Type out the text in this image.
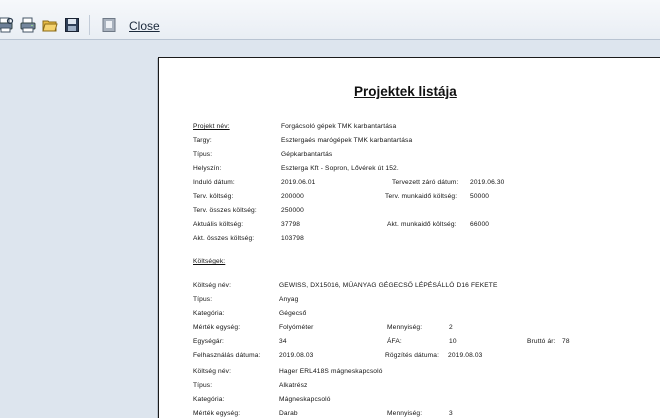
Close
Projektek listája
Projekt név:	Forgácsoló gépek TMK karbantartása
Targy:	Esztergaés marógépek TMK karbantartása
Típus:	Gépkarbantartás
Helyszín:	Esztergа Kft - Sopron, Lővérek út 152.
Induló dátum:	2019.06.01	Tervezett záró dátum: 2019.06.30
Terv. költség:	200000	Terv. munkaidő költség: 50000
Terv. összes költség:	250000
Aktuális költség:	37798	Akt. munkaidő költség: 66000
Akt. összes költség:	103798
Költségek:
Költség név:	GEWISS, DX15016, MŰANYAG GÉGECSŐ LÉPÉSÁLLÓ D16 FEKETE
Típus:	Anyag
Kategória:	Gégecső
Mérték egység:	Folyóméter	Mennyiség:	2
Egységár:	34	ÁFA:	10	Bruttó ár: 78
Felhasználás dátuma:	2019.08.03	Rögzítés dátuma: 2019.08.03
Költség név:	Hager ERL418S mágneskapcsoló
Típus:	Alkatrész
Kategória:	Mágneskapcsoló
Mérték egység:	Darab	Mennyiség:	3
